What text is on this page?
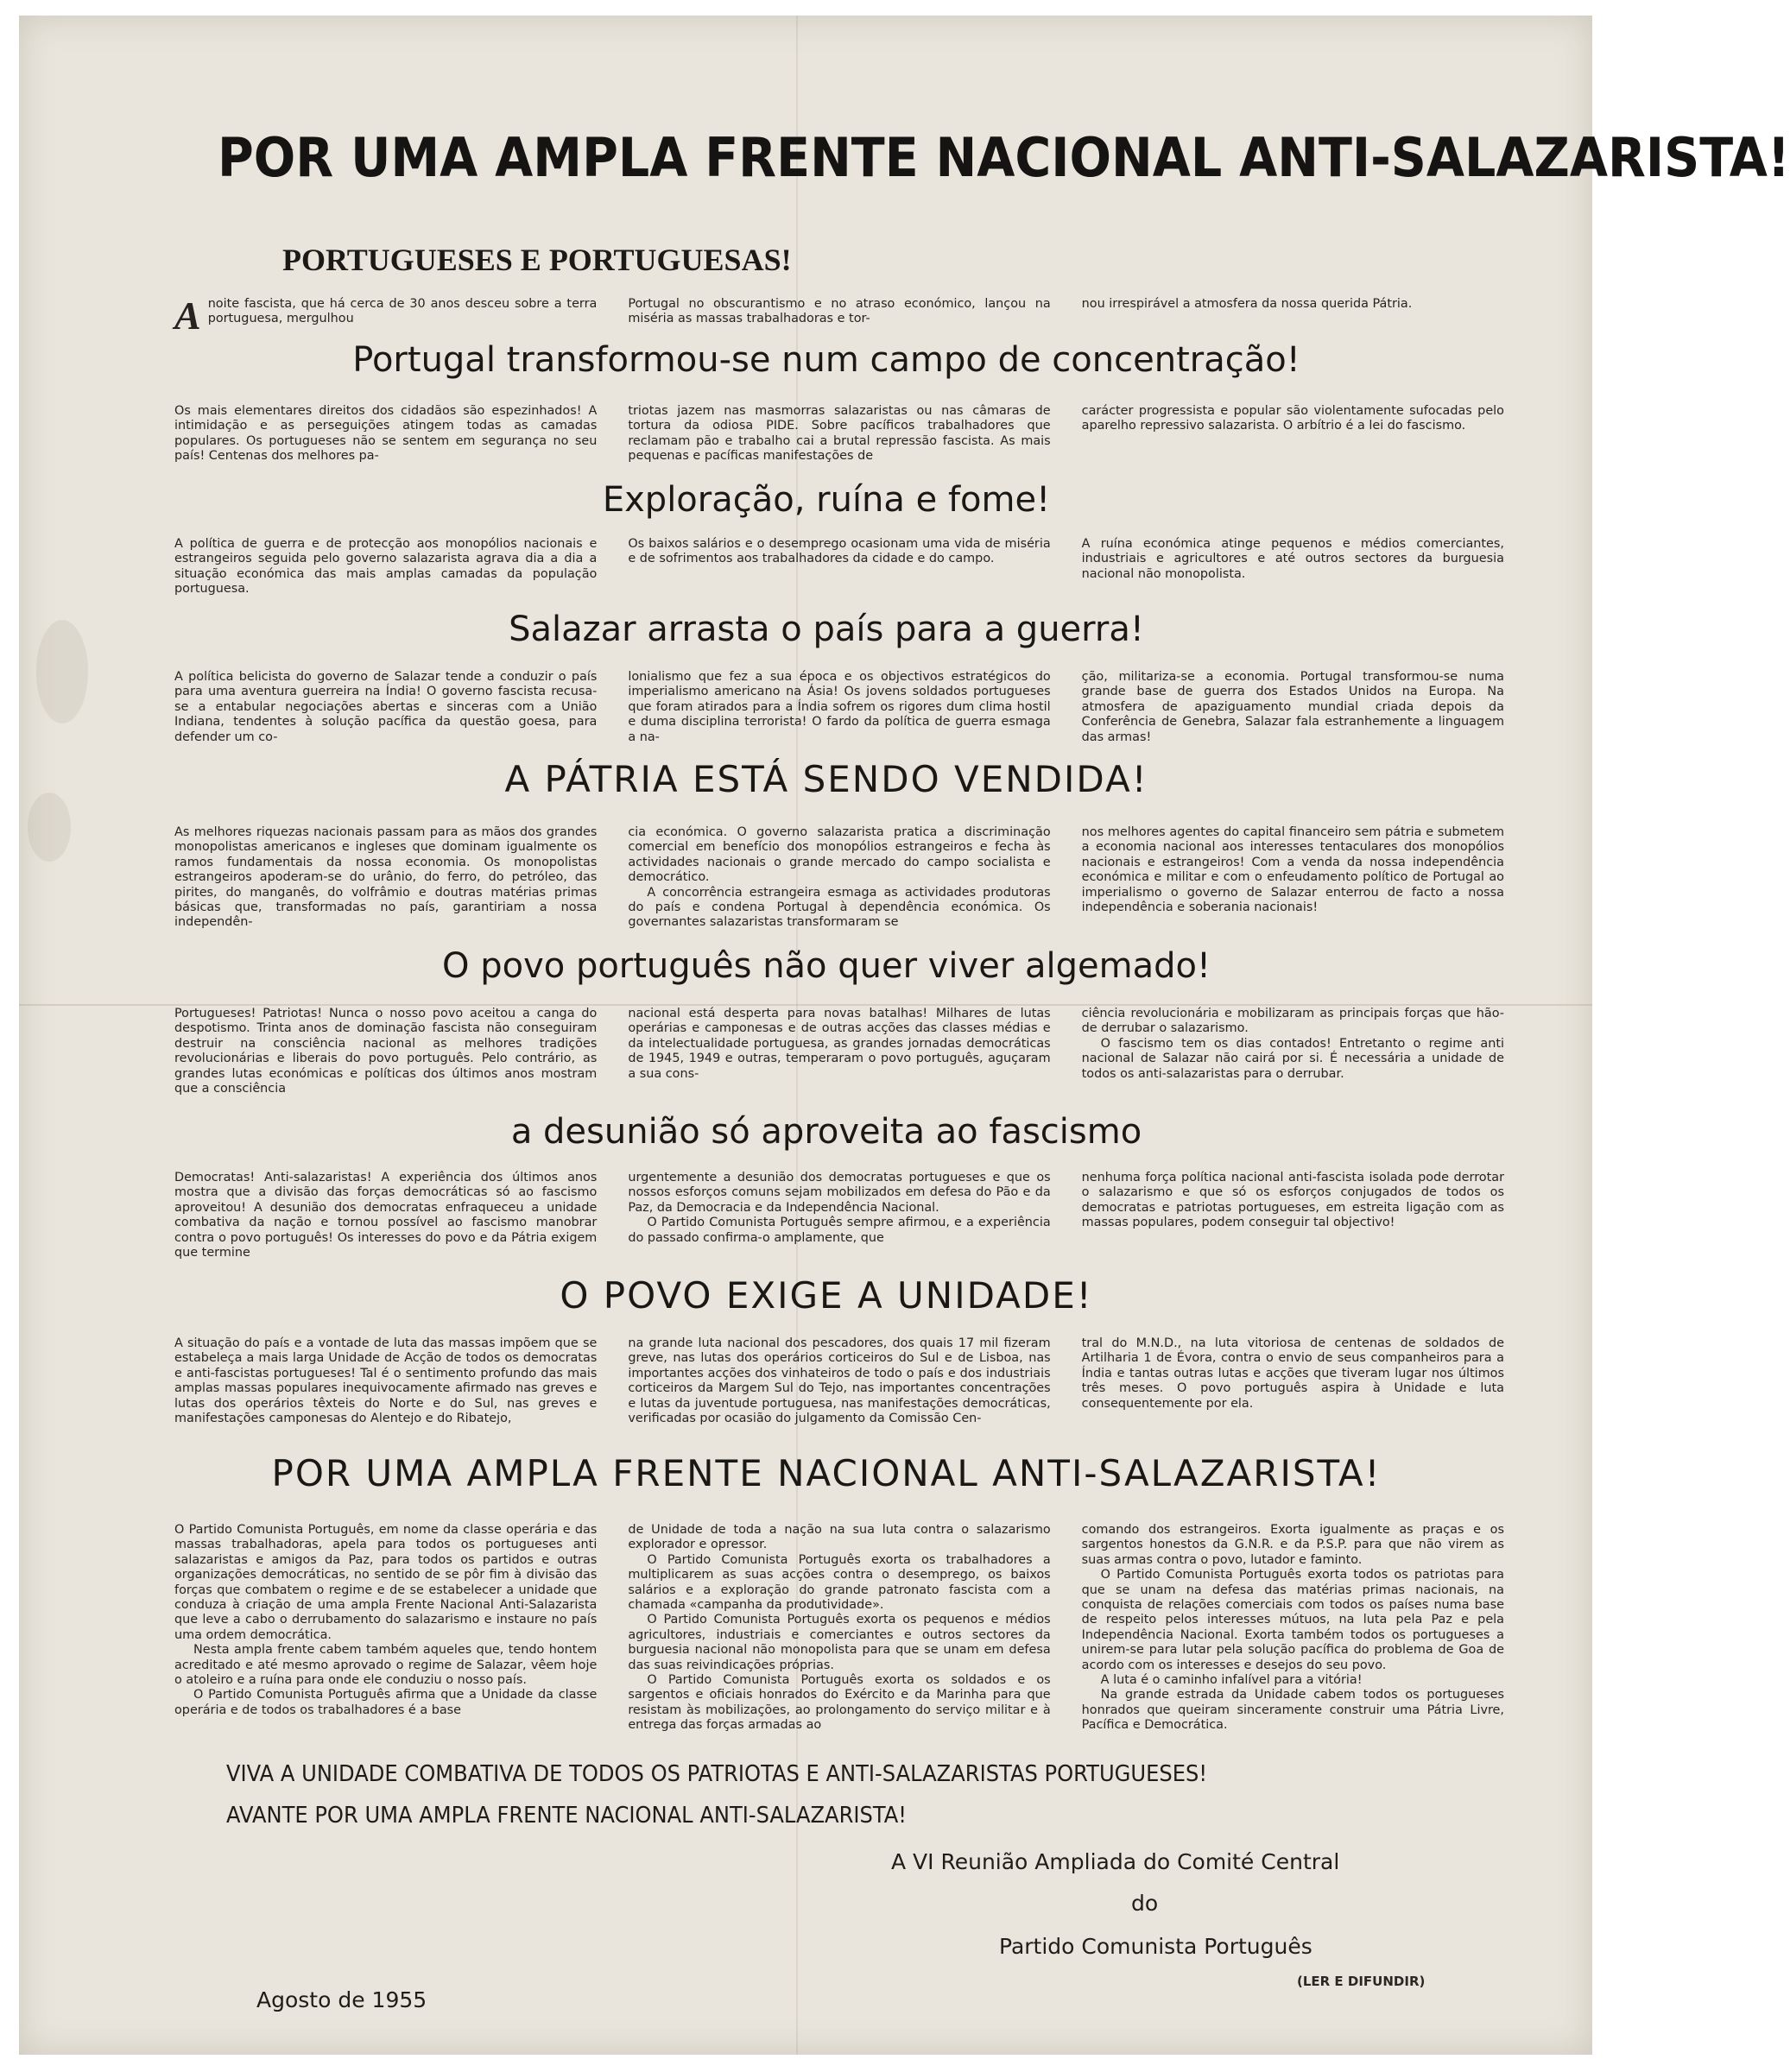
POR UMA AMPLA FRENTE NACIONAL ANTI-SALAZARISTA!
PORTUGUESES E PORTUGUESAS!
A noite fascista, que há cerca de 30 anos desceu sobre a terra portuguesa, mergulhou
Portugal no obscurantismo e no atraso económico, lançou na miséria as massas trabalhadoras e tor-
nou irrespirável a atmosfera da nossa querida Pátria.
VIVA A UNIDADE COMBATIVA DE TODOS OS PATRIOTAS E ANTI-SALAZARISTAS PORTUGUESES!
AVANTE POR UMA AMPLA FRENTE NACIONAL ANTI-SALAZARISTA!
A VI Reunião Ampliada do Comité Central
do
Partido Comunista Português
(LER E DIFUNDIR)
Agosto de 1955
Portugal transformou-se num campo de concentração!

Os mais elementares direitos dos cidadãos são espezinhados! A intimidação e as perseguições atingem todas as camadas populares. Os portugueses não se sentem em segurança no seu país! Centenas dos melhores pa-

triotas jazem nas masmorras salazaristas ou nas câmaras de tortura da odiosa PIDE. Sobre pacíficos trabalhadores que reclamam pão e trabalho cai a brutal repressão fascista. As mais pequenas e pacíficas manifestações de

carácter progressista e popular são violentamente sufocadas pelo aparelho repressivo salazarista. O arbítrio é a lei do fascismo.

Exploração, ruína e fome!

A política de guerra e de protecção aos monopólios nacionais e estrangeiros seguida pelo governo salazarista agrava dia a dia a situação económica das mais amplas camadas da população portuguesa.

Os baixos salários e o desemprego ocasionam uma vida de miséria e de sofrimentos aos trabalhadores da cidade e do campo.

A ruína económica atinge pequenos e médios comerciantes, industriais e agricultores e até outros sectores da burguesia nacional não monopolista.

Salazar arrasta o país para a guerra!

A política belicista do governo de Salazar tende a conduzir o país para uma aventura guerreira na Índia! O governo fascista recusa-se a entabular negociações abertas e sinceras com a União Indiana, tendentes à solução pacífica da questão goesa, para defender um co-

lonialismo que fez a sua época e os objectivos estratégicos do imperialismo americano na Ásia! Os jovens soldados portugueses que foram atirados para a Índia sofrem os rigores dum clima hostil e duma disciplina terrorista! O fardo da política de guerra esmaga a na-

ção, militariza-se a economia. Portugal transformou-se numa grande base de guerra dos Estados Unidos na Europa. Na atmosfera de apaziguamento mundial criada depois da Conferência de Genebra, Salazar fala estranhemente a linguagem das armas!

A PÁTRIA ESTÁ SENDO VENDIDA!

As melhores riquezas nacionais passam para as mãos dos grandes monopolistas americanos e ingleses que dominam igualmente os ramos fundamentais da nossa economia. Os monopolistas estrangeiros apoderam-se do urânio, do ferro, do petróleo, das pirites, do manganês, do volfrâmio e doutras matérias primas básicas que, transformadas no país, garantiriam a nossa independên-

cia económica. O governo salazarista pratica a discriminação comercial em benefício dos monopólios estrangeiros e fecha às actividades nacionais o grande mercado do campo socialista e democrático.

A concorrência estrangeira esmaga as actividades produtoras do país e condena Portugal à dependência económica. Os governantes salazaristas transformaram se

nos melhores agentes do capital financeiro sem pátria e submetem a economia nacional aos interesses tentaculares dos monopólios nacionais e estrangeiros! Com a venda da nossa independência económica e militar e com o enfeudamento político de Portugal ao imperialismo o governo de Salazar enterrou de facto a nossa independência e soberania nacionais!

O povo português não quer viver algemado!

Portugueses! Patriotas! Nunca o nosso povo aceitou a canga do despotismo. Trinta anos de dominação fascista não conseguiram destruir na consciência nacional as melhores tradições revolucionárias e liberais do povo português. Pelo contrário, as grandes lutas económicas e políticas dos últimos anos mostram que a consciência

nacional está desperta para novas batalhas! Milhares de lutas operárias e camponesas e de outras acções das classes médias e da intelectualidade portuguesa, as grandes jornadas democráticas de 1945, 1949 e outras, temperaram o povo português, aguçaram a sua cons-

ciência revolucionária e mobilizaram as principais forças que hão-de derrubar o salazarismo.

O fascismo tem os dias contados! Entretanto o regime anti nacional de Salazar não cairá por si. É necessária a unidade de todos os anti-salazaristas para o derrubar.

a desunião só aproveita ao fascismo

Democratas! Anti-salazaristas! A experiência dos últimos anos mostra que a divisão das forças democráticas só ao fascismo aproveitou! A desunião dos democratas enfraqueceu a unidade combativa da nação e tornou possível ao fascismo manobrar contra o povo português! Os interesses do povo e da Pátria exigem que termine

urgentemente a desunião dos democratas portugueses e que os nossos esforços comuns sejam mobilizados em defesa do Pão e da Paz, da Democracia e da Independência Nacional.

O Partido Comunista Português sempre afirmou, e a experiência do passado confirma-o amplamente, que

nenhuma força política nacional anti-fascista isolada pode derrotar o salazarismo e que só os esforços conjugados de todos os democratas e patriotas portugueses, em estreita ligação com as massas populares, podem conseguir tal objectivo!

O POVO EXIGE A UNIDADE!

A situação do país e a vontade de luta das massas impõem que se estabeleça a mais larga Unidade de Acção de todos os democratas e anti-fascistas portugueses! Tal é o sentimento profundo das mais amplas massas populares inequivocamente afirmado nas greves e lutas dos operários têxteis do Norte e do Sul, nas greves e manifestações camponesas do Alentejo e do Ribatejo,

na grande luta nacional dos pescadores, dos quais 17 mil fizeram greve, nas lutas dos operários corticeiros do Sul e de Lisboa, nas importantes acções dos vinhateiros de todo o país e dos industriais corticeiros da Margem Sul do Tejo, nas importantes concentrações e lutas da juventude portuguesa, nas manifestações democráticas, verificadas por ocasião do julgamento da Comissão Cen-

tral do M.N.D., na luta vitoriosa de centenas de soldados de Artilharia 1 de Évora, contra o envio de seus companheiros para a Índia e tantas outras lutas e acções que tiveram lugar nos últimos três meses. O povo português aspira à Unidade e luta consequentemente por ela.

POR UMA AMPLA FRENTE NACIONAL ANTI-SALAZARISTA!

O Partido Comunista Português, em nome da classe operária e das massas trabalhadoras, apela para todos os portugueses anti salazaristas e amigos da Paz, para todos os partidos e outras organizações democráticas, no sentido de se pôr fim à divisão das forças que combatem o regime e de se estabelecer a unidade que conduza à criação de uma ampla Frente Nacional Anti-Salazarista que leve a cabo o derrubamento do salazarismo e instaure no país uma ordem democrática.

Nesta ampla frente cabem também aqueles que, tendo hontem acreditado e até mesmo aprovado o regime de Salazar, vêem hoje o atoleiro e a ruína para onde ele conduziu o nosso país.

O Partido Comunista Português afirma que a Unidade da classe operária e de todos os trabalhadores é a base

de Unidade de toda a nação na sua luta contra o salazarismo explorador e opressor.

O Partido Comunista Português exorta os trabalhadores a multiplicarem as suas acções contra o desemprego, os baixos salários e a exploração do grande patronato fascista com a chamada «campanha da produtividade».

O Partido Comunista Português exorta os pequenos e médios agricultores, industriais e comerciantes e outros sectores da burguesia nacional não monopolista para que se unam em defesa das suas reivindicações próprias.

O Partido Comunista Português exorta os soldados e os sargentos e oficiais honrados do Exército e da Marinha para que resistam às mobilizações, ao prolongamento do serviço militar e à entrega das forças armadas ao

comando dos estrangeiros. Exorta igualmente as praças e os sargentos honestos da G.N.R. e da P.S.P. para que não virem as suas armas contra o povo, lutador e faminto.

O Partido Comunista Português exorta todos os patriotas para que se unam na defesa das matérias primas nacionais, na conquista de relações comerciais com todos os países numa base de respeito pelos interesses mútuos, na luta pela Paz e pela Independência Nacional. Exorta também todos os portugueses a unirem-se para lutar pela solução pacífica do problema de Goa de acordo com os interesses e desejos do seu povo.

A luta é o caminho infalível para a vitória!

Na grande estrada da Unidade cabem todos os portugueses honrados que queiram sinceramente construir uma Pátria Livre, Pacífica e Democrática.
